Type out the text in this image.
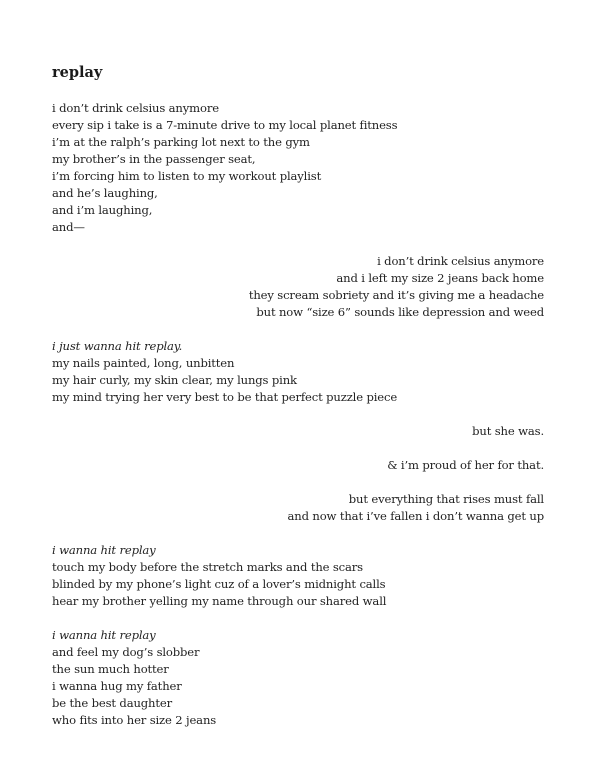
replay
i don’t drink celsius anymore
every sip i take is a 7-minute drive to my local planet fitness
i’m at the ralph’s parking lot next to the gym
my brother’s in the passenger seat,
i’m forcing him to listen to my workout playlist
and he’s laughing,
and i’m laughing,
and—
i don’t drink celsius anymore
and i left my size 2 jeans back home
they scream sobriety and it’s giving me a headache
but now “size 6” sounds like depression and weed
i just wanna hit replay.
my nails painted, long, unbitten
my hair curly, my skin clear, my lungs pink
my mind trying her very best to be that perfect puzzle piece
but she was.
& i’m proud of her for that.
but everything that rises must fall
and now that i’ve fallen i don’t wanna get up
i wanna hit replay
touch my body before the stretch marks and the scars
blinded by my phone’s light cuz of a lover’s midnight calls
hear my brother yelling my name through our shared wall
i wanna hit replay
and feel my dog’s slobber
the sun much hotter
i wanna hug my father
be the best daughter
who fits into her size 2 jeans
